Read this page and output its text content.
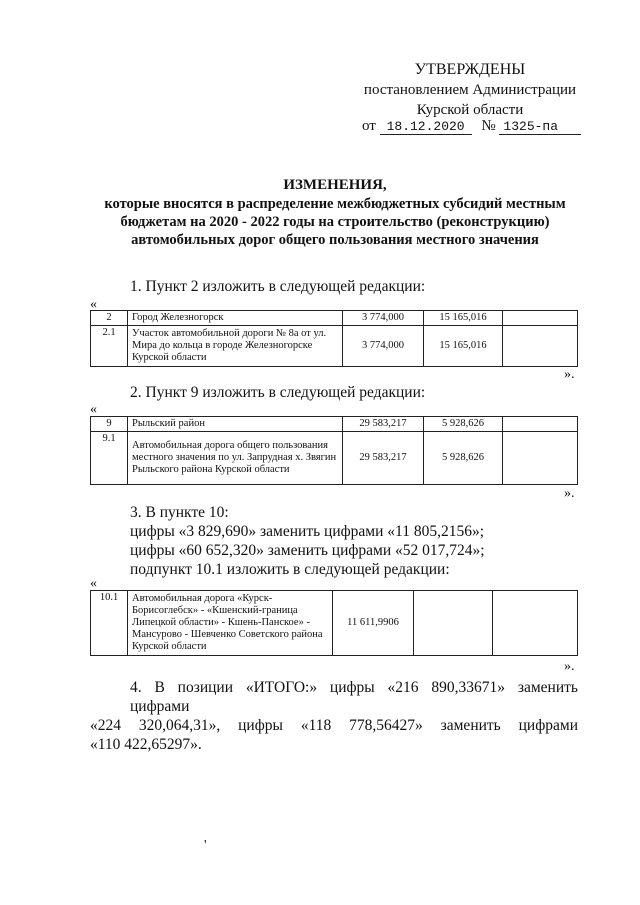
УТВЕРЖДЕНЫ
постановлением Администрации
Курской области
от 18.12.2020 № 1325-па
ИЗМЕНЕНИЯ,
которые вносятся в распределение межбюджетных субсидий местным
бюджетам на 2020 - 2022 годы на строительство (реконструкцию)
автомобильных дорог общего пользования местного значения
1. Пункт 2 изложить в следующей редакции:
«
2	Город Железногорск	3 774,000	15 165,016	
2.1	Участок автомобильной дороги № 8а от ул. Мира до кольца в городе Железногорске Курской области	3 774,000	15 165,016	
».
2. Пункт 9 изложить в следующей редакции:
«
9	Рыльский район	29 583,217	5 928,626	
9.1	Автомобильная дорога общего пользования местного значения по ул. Запрудная х. Звягин Рыльского района Курской области	29 583,217	5 928,626	
».
3. В пункте 10:
цифры «3 829,690» заменить цифрами «11 805,2156»;
цифры «60 652,320» заменить цифрами «52 017,724»;
подпункт 10.1 изложить в следующей редакции:
«
10.1	Автомобильная дорога «Курск-Борисоглебск» - «Кшенский-граница Липецкой области» - Кшень-Панское» - Мансурово - Шевченко Советского района Курской области	11 611,9906		
».
4. В позиции «ИТОГО:» цифры «216 890,33671» заменить цифрами
«224 320,064,31», цифры «118 778,56427» заменить цифрами
«110 422,65297».
'
